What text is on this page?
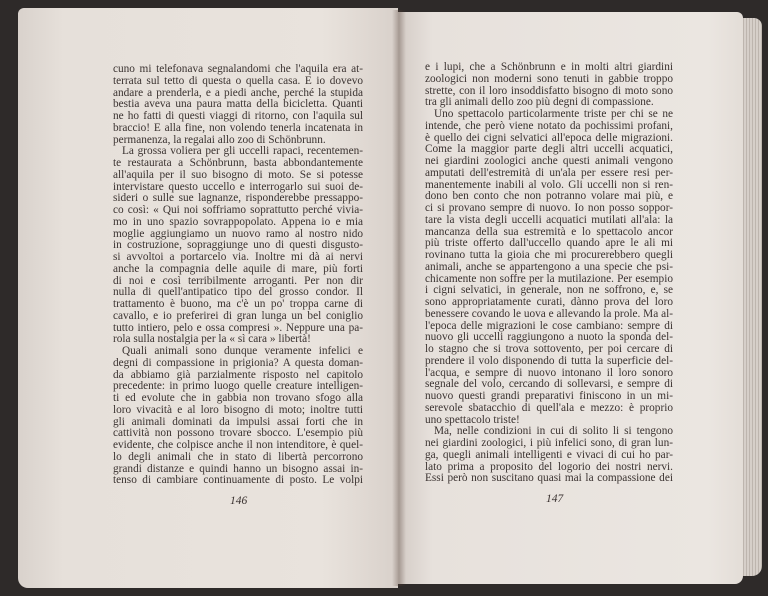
cuno mi telefonava segnalandomi che l'aquila era at-
terrata sul tetto di questa o quella casa. E io dovevo
andare a prenderla, e a piedi anche, perché la stupida
bestia aveva una paura matta della bicicletta. Quanti
ne ho fatti di questi viaggi di ritorno, con l'aquila sul
braccio! E alla fine, non volendo tenerla incatenata in
permanenza, la regalai allo zoo di Schönbrunn.
La grossa voliera per gli uccelli rapaci, recentemen-
te restaurata a Schönbrunn, basta abbondantemente
all'aquila per il suo bisogno di moto. Se si potesse
intervistare questo uccello e interrogarlo sui suoi de-
sideri o sulle sue lagnanze, risponderebbe pressappo-
co così: « Qui noi soffriamo soprattutto perché vivia-
mo in uno spazio sovrappopolato. Appena io e mia
moglie aggiungiamo un nuovo ramo al nostro nido
in costruzione, sopraggiunge uno di questi disgusto-
si avvoltoi a portarcelo via. Inoltre mi dà ai nervi
anche la compagnia delle aquile di mare, più forti
di noi e così terribilmente arroganti. Per non dir
nulla di quell'antipatico tipo del grosso condor. Il
trattamento è buono, ma c'è un po' troppa carne di
cavallo, e io preferirei di gran lunga un bel coniglio
tutto intiero, pelo e ossa compresi ». Neppure una pa-
rola sulla nostalgia per la « sì cara » libertà!
Quali animali sono dunque veramente infelici e
degni di compassione in prigionia? A questa doman-
da abbiamo già parzialmente risposto nel capitolo
precedente: in primo luogo quelle creature intelligen-
ti ed evolute che in gabbia non trovano sfogo alla
loro vivacità e al loro bisogno di moto; inoltre tutti
gli animali dominati da impulsi assai forti che in
cattività non possono trovare sbocco. L'esempio più
evidente, che colpisce anche il non intenditore, è quel-
lo degli animali che in stato di libertà percorrono
grandi distanze e quindi hanno un bisogno assai in-
tenso di cambiare continuamente di posto. Le volpi
e i lupi, che a Schönbrunn e in molti altri giardini
zoologici non moderni sono tenuti in gabbie troppo
strette, con il loro insoddisfatto bisogno di moto sono
tra gli animali dello zoo più degni di compassione.
Uno spettacolo particolarmente triste per chi se ne
intende, che però viene notato da pochissimi profani,
è quello dei cigni selvatici all'epoca delle migrazioni.
Come la maggior parte degli altri uccelli acquatici,
nei giardini zoologici anche questi animali vengono
amputati dell'estremità di un'ala per essere resi per-
manentemente inabili al volo. Gli uccelli non si ren-
dono ben conto che non potranno volare mai più, e
ci si provano sempre di nuovo. Io non posso soppor-
tare la vista degli uccelli acquatici mutilati all'ala: la
mancanza della sua estremità e lo spettacolo ancor
più triste offerto dall'uccello quando apre le ali mi
rovinano tutta la gioia che mi procurerebbero quegli
animali, anche se appartengono a una specie che psi-
chicamente non soffre per la mutilazione. Per esempio
i cigni selvatici, in generale, non ne soffrono, e, se
sono appropriatamente curati, dànno prova del loro
benessere covando le uova e allevando la prole. Ma al-
l'epoca delle migrazioni le cose cambiano: sempre di
nuovo gli uccelli raggiungono a nuoto la sponda del-
lo stagno che si trova sottovento, per poi cercare di
prendere il volo disponendo di tutta la superficie del-
l'acqua, e sempre di nuovo intonano il loro sonoro
segnale del volo, cercando di sollevarsi, e sempre di
nuovo questi grandi preparativi finiscono in un mi-
serevole sbatacchio di quell'ala e mezzo: è proprio
uno spettacolo triste!
Ma, nelle condizioni in cui di solito li si tengono
nei giardini zoologici, i più infelici sono, di gran lun-
ga, quegli animali intelligenti e vivaci di cui ho par-
lato prima a proposito del logorio dei nostri nervi.
Essi però non suscitano quasi mai la compassione dei
146	147
